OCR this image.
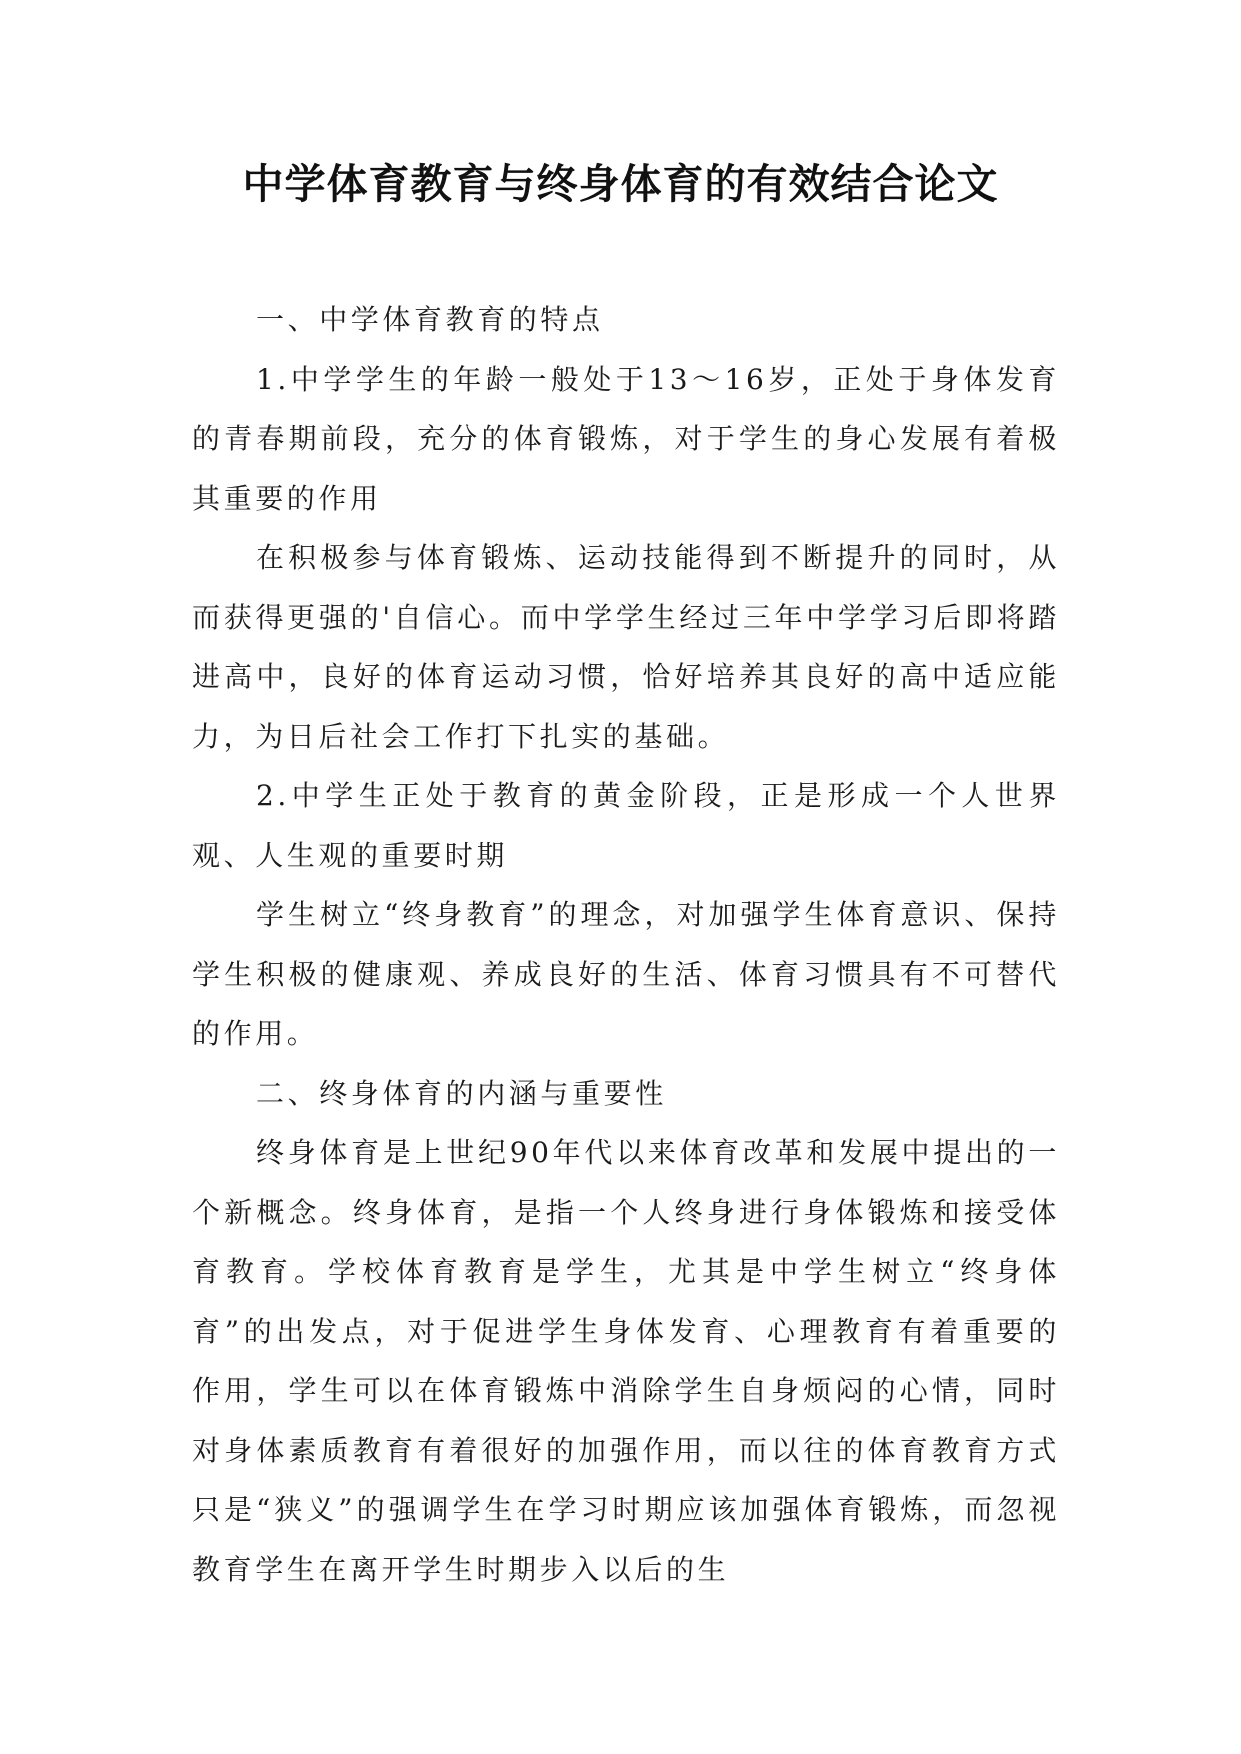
中学体育教育与终身体育的有效结合论文

一、中学体育教育的特点

1.中学学生的年龄一般处于13～16岁，正处于身体发育的青春期前段，充分的体育锻炼，对于学生的身心发展有着极其重要的作用

在积极参与体育锻炼、运动技能得到不断提升的同时，从而获得更强的'自信心。而中学学生经过三年中学学习后即将踏进高中，良好的体育运动习惯，恰好培养其良好的高中适应能力，为日后社会工作打下扎实的基础。

2.中学生正处于教育的黄金阶段，正是形成一个人世界观、人生观的重要时期

学生树立“终身教育”的理念，对加强学生体育意识、保持学生积极的健康观、养成良好的生活、体育习惯具有不可替代的作用。

二、终身体育的内涵与重要性

终身体育是上世纪90年代以来体育改革和发展中提出的一个新概念。终身体育，是指一个人终身进行身体锻炼和接受体育教育。学校体育教育是学生，尤其是中学生树立“终身体育”的出发点，对于促进学生身体发育、心理教育有着重要的作用，学生可以在体育锻炼中消除学生自身烦闷的心情，同时对身体素质教育有着很好的加强作用，而以往的体育教育方式只是“狭义”的强调学生在学习时期应该加强体育锻炼，而忽视教育学生在离开学生时期步入以后的生
